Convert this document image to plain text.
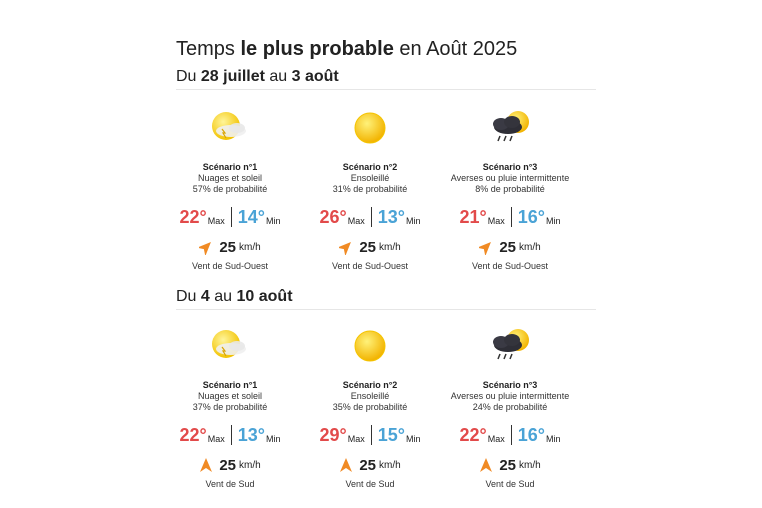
Temps le plus probable en Août 2025
Du 28 juillet au 3 août
Scénario n°1
Nuages et soleil
57% de probabilité
22° Max 14° Min
25 km/h
Vent de Sud-Ouest
Scénario n°2
Ensoleillé
31% de probabilité
26° Max 13° Min
25 km/h
Vent de Sud-Ouest
Scénario n°3
Averses ou pluie intermittente
8% de probabilité
21° Max 16° Min
25 km/h
Vent de Sud-Ouest
Du 4 au 10 août
Scénario n°1
Nuages et soleil
37% de probabilité
22° Max 13° Min
25 km/h
Vent de Sud
Scénario n°2
Ensoleillé
35% de probabilité
29° Max 15° Min
25 km/h
Vent de Sud
Scénario n°3
Averses ou pluie intermittente
24% de probabilité
22° Max 16° Min
25 km/h
Vent de Sud
